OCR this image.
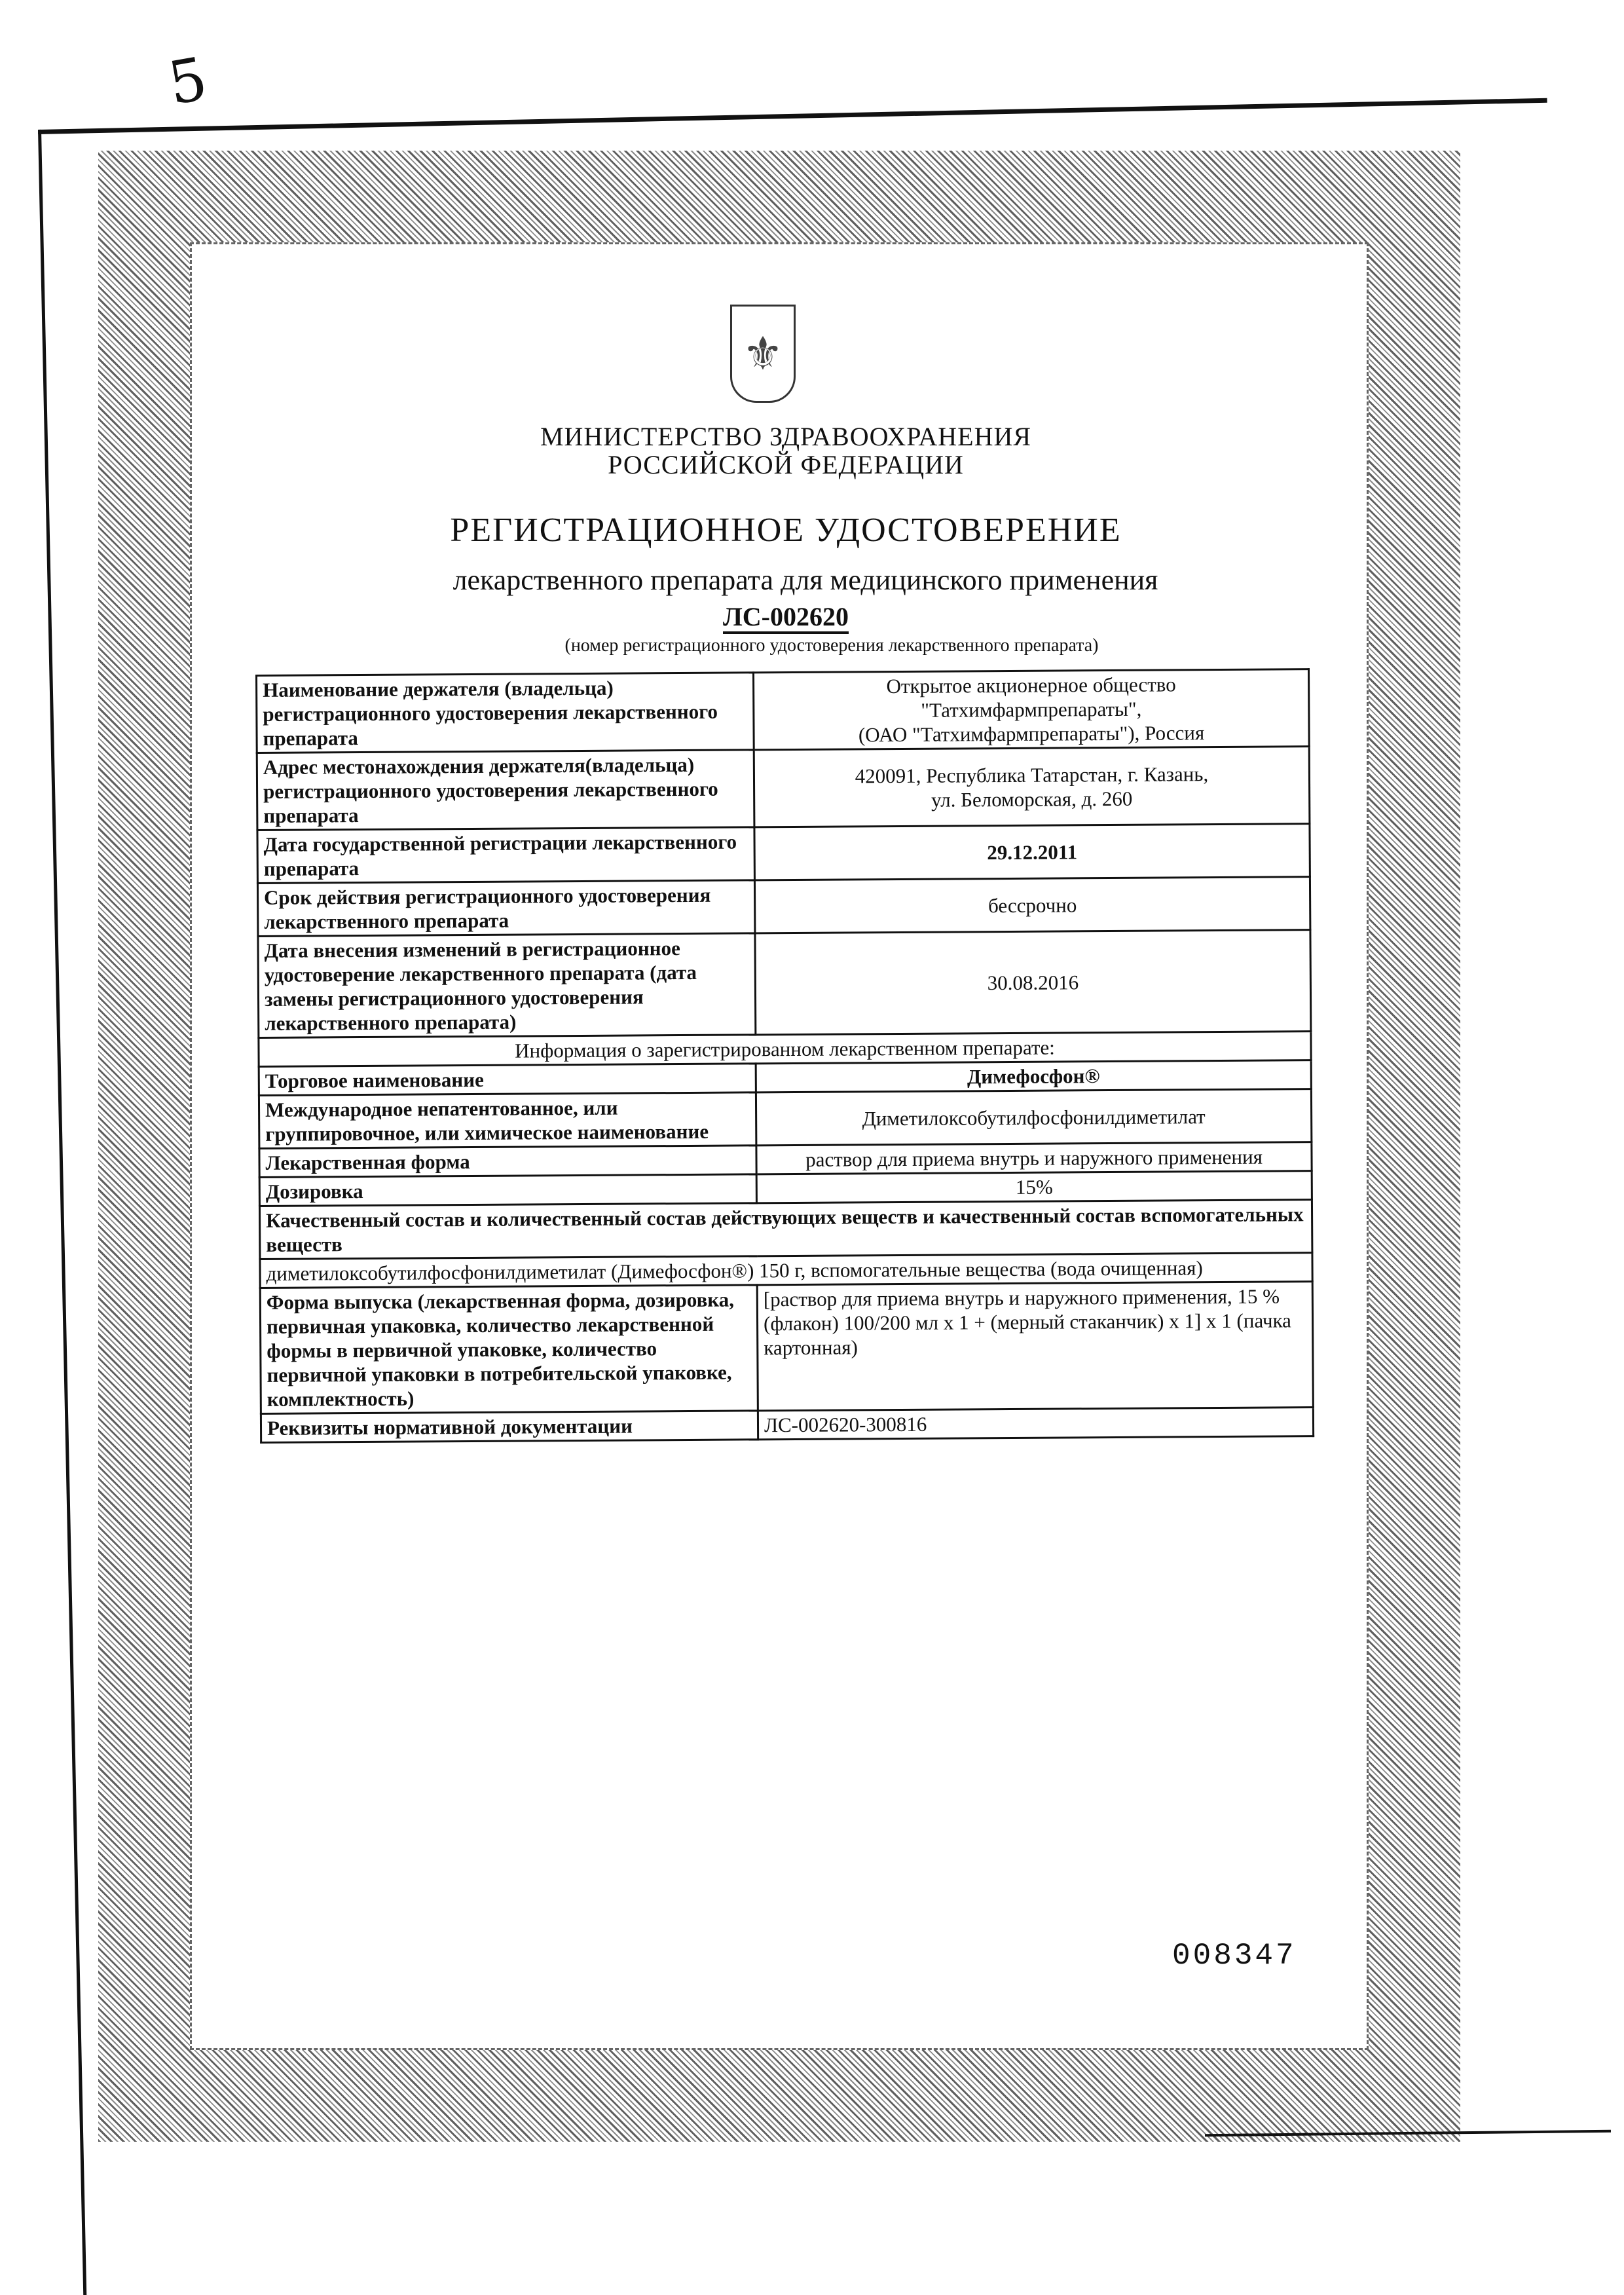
5
⚜
МИНИСТЕРСТВО ЗДРАВООХРАНЕНИЯ
РОССИЙСКОЙ ФЕДЕРАЦИИ
РЕГИСТРАЦИОННОЕ УДОСТОВЕРЕНИЕ
лекарственного препарата для медицинского применения
ЛС-002620
(номер регистрационного удостоверения лекарственного препарата)
Наименование держателя (владельца) регистрационного удостоверения лекарственного препарата	Открытое акционерное общество
"Татхимфармпрепараты",
(ОАО "Татхимфармпрепараты"), Россия

Адрес местонахождения держателя(владельца) регистрационного удостоверения лекарственного препарата	420091, Республика Татарстан, г. Казань,
ул. Беломорская, д. 260

Дата государственной регистрации лекарственного препарата	29.12.2011
Срок действия регистрационного удостоверения лекарственного препарата	бессрочно
Дата внесения изменений в регистрационное удостоверение лекарственного препарата (дата замены регистрационного удостоверения лекарственного препарата)	30.08.2016
Информация о зарегистрированном лекарственном препарате:	
Торговое наименование	Димефосфон®
Международное непатентованное, или группировочное, или химическое наименование	Диметилоксобутилфосфонилдиметилат
Лекарственная форма	раствор для приема внутрь и наружного применения
Дозировка	15%
Качественный состав и количественный состав действующих веществ и качественный состав вспомогательных веществ	
диметилоксобутилфосфонилдиметилат (Димефосфон®) 150 г, вспомогательные вещества (вода очищенная)	
Форма выпуска (лекарственная форма, дозировка, первичная упаковка, количество лекарственной формы в первичной упаковке, количество первичной упаковки в потребительской упаковке, комплектность)	[раствор для приема внутрь и наружного применения, 15 % (флакон) 100/200 мл х 1 + (мерный стаканчик) х 1] х 1 (пачка картонная)
Реквизиты нормативной документации	ЛС-002620-300816
008347
